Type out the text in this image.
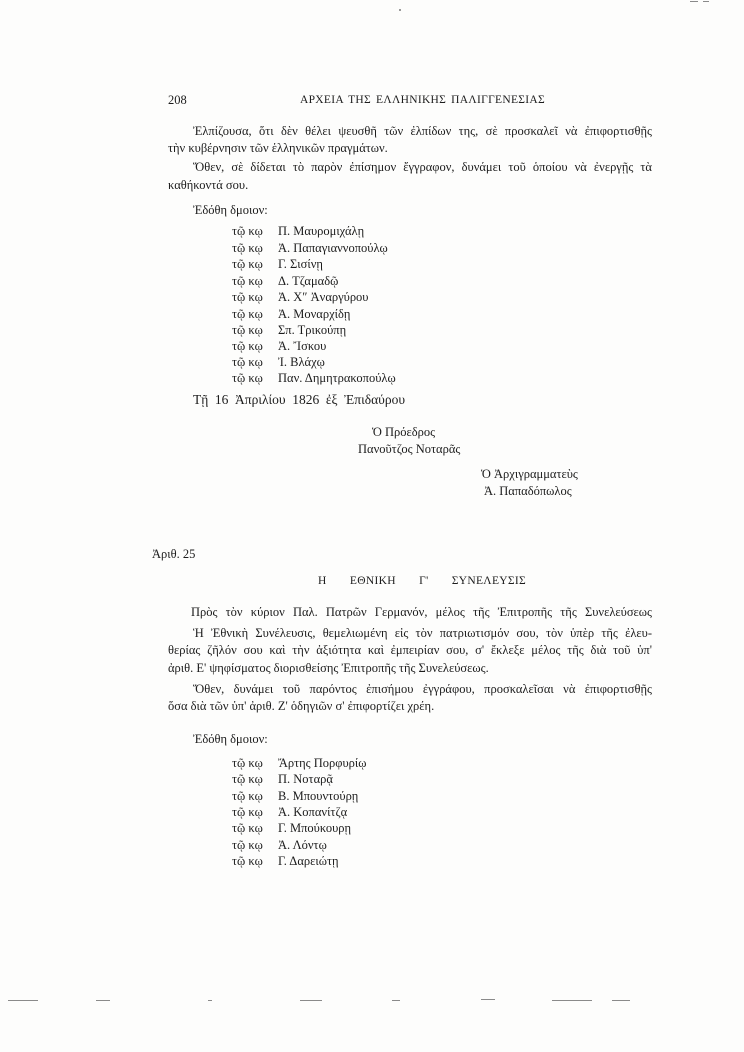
208	ΑΡΧΕΙΑ ΤΗΣ ΕΛΛΗΝΙΚΗΣ ΠΑΛΙΓΓΕΝΕΣΙΑΣ
Ἐλπίζουσα, ὅτι δὲν θέλει ψευσθῆ τῶν ἐλπίδων της, σὲ προσκαλεῖ νὰ ἐπιφορτισθῇς
τὴν κυβέρνησιν τῶν ἑλληνικῶν πραγμάτων.
Ὅθεν, σὲ δίδεται τὸ παρὸν ἐπίσημον ἔγγραφον, δυνάμει τοῦ ὁποίου νὰ ἐνεργῇς τὰ
καθήκοντά σου.
Ἐδόθη δμοιον:
τῷ κῳ Π. Μαυρομιχάλῃ
τῷ κῳ Ἀ. Παπαγιαννοπούλῳ
τῷ κῳ Γ. Σισίνῃ
τῷ κῳ Δ. Τζαμαδῷ
τῷ κῳ Ἀ. Χ″ Ἀναργύρου
τῷ κῳ Ἀ. Μοναρχίδῃ
τῷ κῳ Σπ. Τρικούπῃ
τῷ κῳ Ἀ. Ἴσκου
τῷ κῳ Ἰ. Βλάχῳ
τῷ κῳ Παν. Δημητρακοπούλῳ
Τῇ 16 Ἀπριλίου 1826 ἐξ Ἐπιδαύρου
Ὁ Πρόεδρος
Πανοῦτζος Νοταρᾶς
Ὁ Ἀρχιγραμματεὺς
Ἀ. Παπαδόπωλος
Ἀριθ. 25
Η ΕΘΝΙΚΗ Γ' ΣΥΝΕΛΕΥΣΙΣ
Πρὸς τὸν κύριον Παλ. Πατρῶν Γερμανόν, μέλος τῆς Ἐπιτροπῆς τῆς Συνελεύσεως
Ἡ Ἐθνικὴ Συνέλευσις, θεμελιωμένη εἰς τὸν πατριωτισμόν σου, τὸν ὑπὲρ τῆς ἐλευ-
θερίας ζῆλόν σου καὶ τὴν ἀξιότητα καὶ ἐμπειρίαν σου, σ' ἔκλεξε μέλος τῆς διὰ τοῦ ὑπ'
ἀριθ. Ε' ψηφίσματος διορισθείσης Ἐπιτροπῆς τῆς Συνελεύσεως.
Ὅθεν, δυνάμει τοῦ παρόντος ἐπισήμου ἐγγράφου, προσκαλεῖσαι νὰ ἐπιφορτισθῇς
ὅσα διὰ τῶν ὑπ' ἀριθ. Ζ' ὁδηγιῶν σ' ἐπιφορτίζει χρέη.
Ἐδόθη δμοιον:
τῷ κῳ Ἄρτης Πορφυρίῳ
τῷ κῳ Π. Νοταρᾷ
τῷ κῳ Β. Μπουντούρῃ
τῷ κῳ Ἀ. Κοπανίτζᾳ
τῷ κῳ Γ. Μπούκουρῃ
τῷ κῳ Ἀ. Λόντῳ
τῷ κῳ Γ. Δαρειώτῃ
